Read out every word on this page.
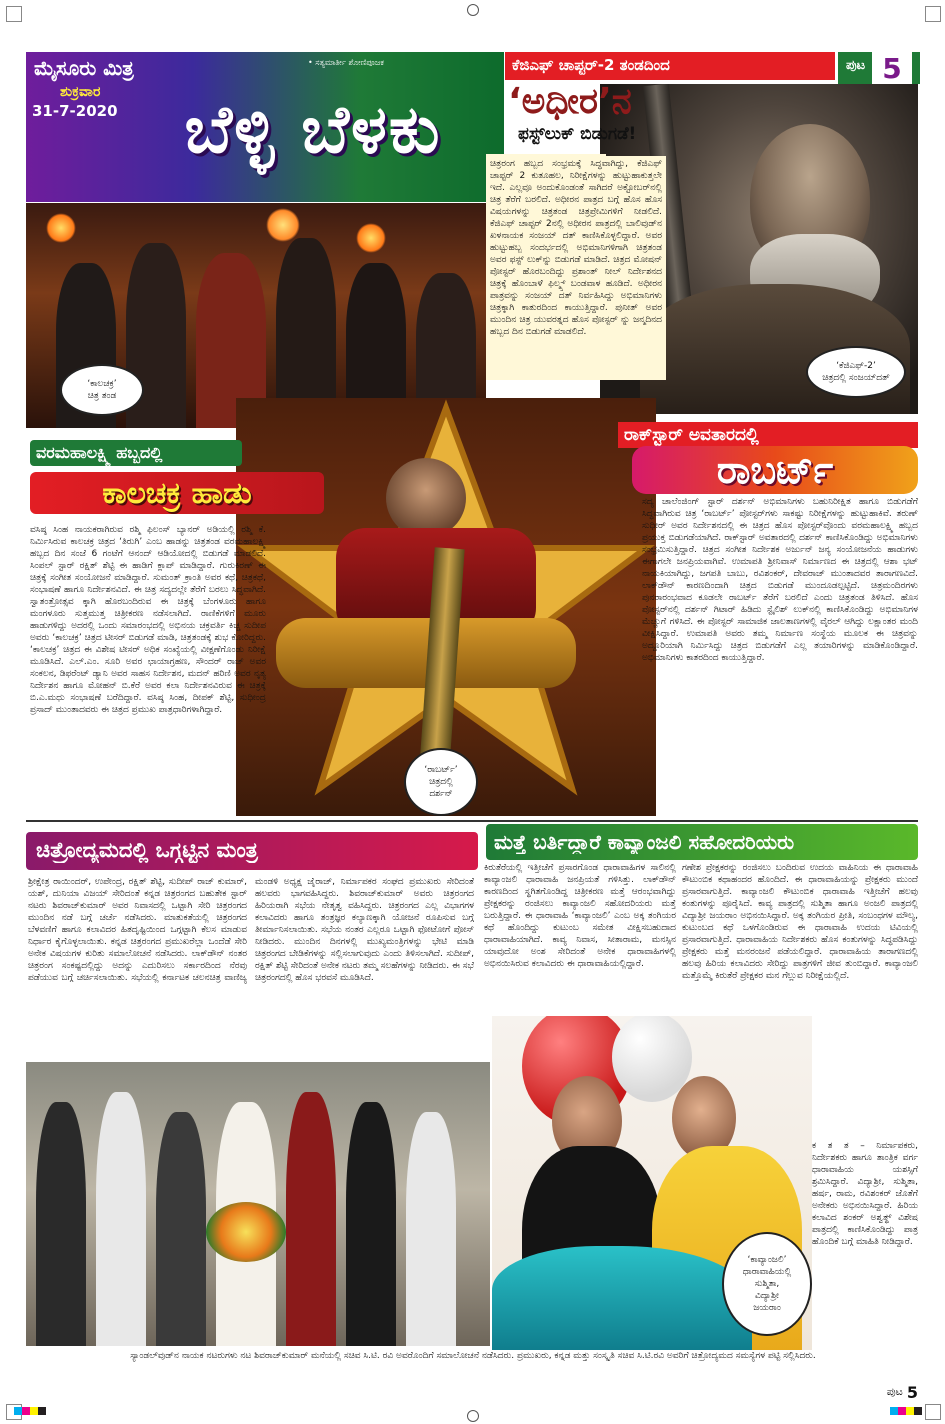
ಮೈಸೂರು ಮಿತ್ರ	• ಸತ್ಯಮಾರ್ತೀ ಶೋಣಿಪೂಜಕ
ಶುಕ್ರವಾರ
31-7-2020	ಬೆಳ್ಳಿ ಬೆಳಕು
ಪುಟ 5
ಕೆಜಿಎಫ್ ಚಾಪ್ಟರ್-2 ತಂಡದಿಂದ
‘ಅಧೀರ’ನ
ಫಸ್ಟ್‌ಲುಕ್ ಬಿಡುಗಡೆ!
ಚಿತ್ರರಂಗ ಹಬ್ಬದ ಸಂಭ್ರಮಕ್ಕೆ ಸಿದ್ಧವಾಗಿದ್ದು, ಕೆಜಿಎಫ್ ಚಾಪ್ಟರ್ 2 ಕುತೂಹಲ, ನಿರೀಕ್ಷೆಗಳನ್ನು ಹುಟ್ಟುಹಾಕುತ್ತಲೇ ಇದೆ. ಎಲ್ಲವೂ ಅಂದುಕೊಂಡಂತೆ ಸಾಗಿದರೆ ಅಕ್ಟೋಬರ್‌ನಲ್ಲಿ ಚಿತ್ರ ತೆರೆಗೆ ಬರಲಿದೆ. ಅಧೀರನ ಪಾತ್ರದ ಬಗ್ಗೆ ಹೊಸ ಹೊಸ ವಿಷಯಗಳನ್ನು ಚಿತ್ರತಂಡ ಚಿತ್ರಪ್ರೇಮಿಗಳಿಗೆ ನೀಡಲಿದೆ. ಕೆಜಿಎಫ್ ಚಾಪ್ಟರ್ 2ನಲ್ಲಿ ಅಧೀರನ ಪಾತ್ರದಲ್ಲಿ ಬಾಲಿವುಡ್‌ನ ಖಳನಾಯಕ ಸಂಜಯ್ ದತ್ ಕಾಣಿಸಿಕೊಳ್ಳಲಿದ್ದಾರೆ. ಅವರ ಹುಟ್ಟುಹಬ್ಬ ಸಂದರ್ಭದಲ್ಲಿ ಅಭಿಮಾನಿಗಳಿಗಾಗಿ ಚಿತ್ರತಂಡ ಅವರ ಫಸ್ಟ್ ಲುಕ್‌ನ್ನು ಬಿಡುಗಡೆ ಮಾಡಿದೆ. ಚಿತ್ರದ ಮೋಷನ್ ಪೋಸ್ಟರ್ ಹೊರಬಂದಿದ್ದು ಪ್ರಶಾಂತ್ ನೀಲ್ ನಿರ್ದೇಶನದ ಚಿತ್ರಕ್ಕೆ ಹೊಂಬಾಳೆ ಫಿಲ್ಮ್ಸ್ ಬಂಡವಾಳ ಹೂಡಿದೆ. ಅಧೀರನ ಪಾತ್ರವನ್ನು ಸಂಜಯ್ ದತ್ ನಿರ್ವಹಿಸಿದ್ದು ಅಭಿಮಾನಿಗಳು ಚಿತ್ರಕ್ಕಾಗಿ ಕಾತುರದಿಂದ ಕಾಯುತ್ತಿದ್ದಾರೆ. ಪುನೀತ್ ಅವರ ಮುಂದಿನ ಚಿತ್ರ ಯುವರತ್ನದ ಹೊಸ ಪೋಸ್ಟರ್ ನ್ನು ಜನ್ಮದಿನದ ಹಬ್ಬದ ದಿನ ಬಿಡುಗಡೆ ಮಾಡಲಿದೆ.
‘ಕಾಲಚಕ್ರ’
ಚಿತ್ರ ತಂಡ
‘ಕೆಜಿಎಫ್-2’
ಚಿತ್ರದಲ್ಲಿ ಸಂಜಯ್‌ದತ್
ರಾಕ್‌ಸ್ಟಾರ್ ಅವತಾರದಲ್ಲಿ
ರಾಬರ್ಟ್
ಸದ್ಯ ಚಾಲೆಂಜಿಂಗ್ ಸ್ಟಾರ್ ದರ್ಶನ್ ಅಭಿಮಾನಿಗಳು ಬಹುನಿರೀಕ್ಷಿತ ಹಾಗೂ ಬಿಡುಗಡೆಗೆ ಸಿದ್ಧವಾಗಿರುವ ಚಿತ್ರ ‘ರಾಬರ್ಟ್’ ಪೋಸ್ಟರ್‌ಗಳು ಸಾಕಷ್ಟು ನಿರೀಕ್ಷೆಗಳನ್ನು ಹುಟ್ಟುಹಾಕಿವೆ. ತರುಣ್ ಸುಧೀರ್ ಅವರ ನಿರ್ದೇಶನದಲ್ಲಿ ಈ ಚಿತ್ರದ ಹೊಸ ಪೋಸ್ಟರ್‌ವೊಂದು ವರಮಹಾಲಕ್ಷ್ಮಿ ಹಬ್ಬದ ಪ್ರಯುಕ್ತ ಬಿಡುಗಡೆಯಾಗಿದೆ. ರಾಕ್‌ಸ್ಟಾರ್ ಅವತಾರದಲ್ಲಿ ದರ್ಶನ್ ಕಾಣಿಸಿಕೊಂಡಿದ್ದು ಅಭಿಮಾನಿಗಳು ಸಂಭ್ರಮಿಸುತ್ತಿದ್ದಾರೆ. ಚಿತ್ರದ ಸಂಗೀತ ನಿರ್ದೇಶಕ ಅರ್ಜುನ್ ಜನ್ಯ ಸಂಯೋಜನೆಯ ಹಾಡುಗಳು ಈಗಾಗಲೇ ಜನಪ್ರಿಯವಾಗಿವೆ. ಉಮಾಪತಿ ಶ್ರೀನಿವಾಸ್ ನಿರ್ಮಾಣದ ಈ ಚಿತ್ರದಲ್ಲಿ ಆಶಾ ಭಟ್ ನಾಯಕಿಯಾಗಿದ್ದು, ಜಗಪತಿ ಬಾಬು, ರವಿಶಂಕರ್, ದೇವರಾಜ್ ಮುಂತಾದವರ ತಾರಾಗಣವಿದೆ. ಲಾಕ್‌ಡೌನ್ ಕಾರಣದಿಂದಾಗಿ ಚಿತ್ರದ ಬಿಡುಗಡೆ ಮುಂದೂಡಲ್ಪಟ್ಟಿದೆ. ಚಿತ್ರಮಂದಿರಗಳು ಪುನರಾರಂಭವಾದ ಕೂಡಲೇ ರಾಬರ್ಟ್ ತೆರೆಗೆ ಬರಲಿದೆ ಎಂದು ಚಿತ್ರತಂಡ ತಿಳಿಸಿದೆ. ಹೊಸ ಪೋಸ್ಟರ್‌ನಲ್ಲಿ ದರ್ಶನ್ ಗಿಟಾರ್ ಹಿಡಿದು ಸ್ಟೈಲಿಶ್ ಲುಕ್‌ನಲ್ಲಿ ಕಾಣಿಸಿಕೊಂಡಿದ್ದು ಅಭಿಮಾನಿಗಳ ಮೆಚ್ಚುಗೆ ಗಳಿಸಿದೆ. ಈ ಪೋಸ್ಟರ್ ಸಾಮಾಜಿಕ ಜಾಲತಾಣಗಳಲ್ಲಿ ವೈರಲ್ ಆಗಿದ್ದು ಲಕ್ಷಾಂತರ ಮಂದಿ ವೀಕ್ಷಿಸಿದ್ದಾರೆ. ಉಮಾಪತಿ ಅವರು ತಮ್ಮ ನಿರ್ಮಾಣ ಸಂಸ್ಥೆಯ ಮೂಲಕ ಈ ಚಿತ್ರವನ್ನು ಅದ್ದೂರಿಯಾಗಿ ನಿರ್ಮಿಸಿದ್ದು ಚಿತ್ರದ ಬಿಡುಗಡೆಗೆ ಎಲ್ಲ ತಯಾರಿಗಳನ್ನು ಮಾಡಿಕೊಂಡಿದ್ದಾರೆ. ಅಭಿಮಾನಿಗಳು ಕಾತರದಿಂದ ಕಾಯುತ್ತಿದ್ದಾರೆ.
‘ರಾಬರ್ಟ್’
ಚಿತ್ರದಲ್ಲಿ
ದರ್ಶನ್
ವರಮಹಾಲಕ್ಷ್ಮಿ ಹಬ್ಬದಲ್ಲಿ
ಕಾಲಚಕ್ರ ಹಾಡು
ವಸಿಷ್ಠ ಸಿಂಹ ನಾಯಕರಾಗಿರುವ ರಶ್ಮಿ ಫಿಲಂಸ್ ಬ್ಯಾನರ್ ಅಡಿಯಲ್ಲಿ ರಶ್ಮಿ ಕೆ. ನಿರ್ಮಿಸಿರುವ ಕಾಲಚಕ್ರ ಚಿತ್ರದ ‘ತಿರುಗಿ’ ಎಂಬ ಹಾಡನ್ನು ಚಿತ್ರತಂಡ ವರಮಹಾಲಕ್ಷ್ಮಿ ಹಬ್ಬದ ದಿನ ಸಂಜೆ 6 ಗಂಟೆಗೆ ಆನಂದ್ ಆಡಿಯೋದಲ್ಲಿ ಬಿಡುಗಡೆ ಮಾಡಲಿದೆ. ಸಿಂಪಲ್ ಸ್ಟಾರ್ ರಕ್ಷಿತ್ ಶೆಟ್ಟಿ ಈ ಹಾಡಿಗೆ ಕ್ಲಾಪ್ ಮಾಡಿದ್ದಾರೆ. ಗುರುಕಿರಣ್ ಈ ಚಿತ್ರಕ್ಕೆ ಸಂಗೀತ ಸಂಯೋಜನೆ ಮಾಡಿದ್ದಾರೆ. ಸುಮಂತ್ ಕ್ರಾಂತಿ ಅವರ ಕಥೆ, ಚಿತ್ರಕಥೆ, ಸಂಭಾಷಣೆ ಹಾಗೂ ನಿರ್ದೇಶನವಿದೆ. ಈ ಚಿತ್ರ ಸದ್ಯದಲ್ಲೇ ತೆರೆಗೆ ಬರಲು ಸಿದ್ಧವಾಗಿದೆ. ಸ್ವಾತಂತ್ರೋತ್ಸವ ಕ್ಕಾಗಿ ಹೊರಬಂದಿರುವ ಈ ಚಿತ್ರಕ್ಕೆ ಬೆಂಗಳೂರು ಹಾಗೂ ಮಂಗಳೂರು ಸುತ್ತಮುತ್ತ ಚಿತ್ರೀಕರಣ ನಡೆಸಲಾಗಿದೆ. ರಾಣಿಕೆಗಳಿಗೆ ಮೂರು ಹಾಡುಗಳಿದ್ದು ಅದರಲ್ಲಿ ಒಂದು ಸಮಾರಂಭದಲ್ಲಿ ಅಭಿನಯ ಚಕ್ರವರ್ತಿ ಕಿಚ್ಚ ಸುದೀಪ ಅವರು ‘ಕಾಲಚಕ್ರ’ ಚಿತ್ರದ ಟೀಸರ್ ಬಿಡುಗಡೆ ಮಾಡಿ, ಚಿತ್ರತಂಡಕ್ಕೆ ಶುಭ ಕೋರಿದ್ದರು. ‘ಕಾಲಚಕ್ರ’ ಚಿತ್ರದ ಈ ವಿಶೇಷ ಟೀಸರ್ ಅಧಿಕ ಸಂಖ್ಯೆಯಲ್ಲಿ ವೀಕ್ಷಣೆಗೊಂಡು ನಿರೀಕ್ಷೆ ಮೂಡಿಸಿದೆ. ಎಲ್.ಎಂ. ಸೂರಿ ಅವರ ಛಾಯಾಗ್ರಹಣ, ಸೌಂದರ್ ರಾಜ್ ಅವರ ಸಂಕಲನ, ಡಿಫರೆಂಟ್ ಡ್ಯಾನಿ ಅವರ ಸಾಹಸ ನಿರ್ದೇಶನ, ಮದನ್ ಹರಿಣಿ ಅವರ ನೃತ್ಯ ನಿರ್ದೇಶನ ಹಾಗೂ ಮೋಹನ್ ಬಿ.ಕೆರೆ ಅವರ ಕಲಾ ನಿರ್ದೇಶನವಿರುವ ಈ ಚಿತ್ರಕ್ಕೆ ಬಿ.ಎ.ಮಧು ಸಂಭಾಷಣೆ ಬರೆದಿದ್ದಾರೆ. ವಸಿಷ್ಠ ಸಿಂಹ, ದೀಪಕ್ ಶೆಟ್ಟಿ, ಸುಧೀಂದ್ರ ಪ್ರಸಾದ್ ಮುಂತಾದವರು ಈ ಚಿತ್ರದ ಪ್ರಮುಖ ಪಾತ್ರಧಾರಿಗಳಾಗಿದ್ದಾರೆ.
ಚಿತ್ರೋದ್ಯಮದಲ್ಲಿ ಒಗ್ಗಟ್ಟಿನ ಮಂತ್ರ
ಶ್ರೀಕ್ಷೇತ್ರ ರಾಯಿಂದರ್, ಉಪೇಂದ್ರ, ರಕ್ಷಿತ್ ಶೆಟ್ಟಿ, ಸುದೀಪ್ ರಾಜ್ ಕುಮಾರ್, ಯಶ್, ದುನಿಯಾ ವಿಜಯ್ ಸೇರಿದಂತೆ ಕನ್ನಡ ಚಿತ್ರರಂಗದ ಬಹುತೇಕ ಸ್ಟಾರ್ ನಟರು ಶಿವರಾಜ್‌ಕುಮಾರ್ ಅವರ ನಿವಾಸದಲ್ಲಿ ಒಟ್ಟಾಗಿ ಸೇರಿ ಚಿತ್ರರಂಗದ ಮುಂದಿನ ನಡೆ ಬಗ್ಗೆ ಚರ್ಚೆ ನಡೆಸಿದರು. ಮಾತುಕತೆಯಲ್ಲಿ ಚಿತ್ರರಂಗದ ಬೆಳವಣಿಗೆ ಹಾಗೂ ಕಲಾವಿದರ ಹಿತದೃಷ್ಟಿಯಿಂದ ಒಗ್ಗಟ್ಟಾಗಿ ಕೆಲಸ ಮಾಡುವ ನಿರ್ಧಾರ ಕೈಗೊಳ್ಳಲಾಯಿತು. ಕನ್ನಡ ಚಿತ್ರರಂಗದ ಪ್ರಮುಖರೆಲ್ಲಾ ಒಂದೆಡೆ ಸೇರಿ ಅನೇಕ ವಿಷಯಗಳ ಕುರಿತು ಸಮಾಲೋಚನೆ ನಡೆಸಿದರು. ಲಾಕ್‌ಡೌನ್ ನಂತರ ಚಿತ್ರರಂಗ ಸಂಕಷ್ಟದಲ್ಲಿದ್ದು ಅದನ್ನು ಎದುರಿಸಲು ಸರ್ಕಾರದಿಂದ ನೆರವು ಪಡೆಯುವ ಬಗ್ಗೆ ಚರ್ಚಿಸಲಾಯಿತು. ಸಭೆಯಲ್ಲಿ ಕರ್ನಾಟಕ ಚಲನಚಿತ್ರ ವಾಣಿಜ್ಯ ಮಂಡಳಿ ಅಧ್ಯಕ್ಷ ಜೈರಾಜ್, ನಿರ್ಮಾಪಕರ ಸಂಘದ ಪ್ರಮುಖರು ಸೇರಿದಂತೆ ಹಲವರು ಭಾಗವಹಿಸಿದ್ದರು. ಶಿವರಾಜ್‌ಕುಮಾರ್ ಅವರು ಚಿತ್ರರಂಗದ ಹಿರಿಯರಾಗಿ ಸಭೆಯ ನೇತೃತ್ವ ವಹಿಸಿದ್ದರು. ಚಿತ್ರರಂಗದ ಎಲ್ಲ ವಿಭಾಗಗಳ ಕಲಾವಿದರು ಹಾಗೂ ತಂತ್ರಜ್ಞರ ಕಲ್ಯಾಣಕ್ಕಾಗಿ ಯೋಜನೆ ರೂಪಿಸುವ ಬಗ್ಗೆ ತೀರ್ಮಾನಿಸಲಾಯಿತು. ಸಭೆಯ ನಂತರ ಎಲ್ಲರೂ ಒಟ್ಟಾಗಿ ಫೋಟೋಗೆ ಪೋಸ್ ನೀಡಿದರು. ಮುಂದಿನ ದಿನಗಳಲ್ಲಿ ಮುಖ್ಯಮಂತ್ರಿಗಳನ್ನು ಭೇಟಿ ಮಾಡಿ ಚಿತ್ರರಂಗದ ಬೇಡಿಕೆಗಳನ್ನು ಸಲ್ಲಿಸಲಾಗುವುದು ಎಂದು ತಿಳಿಸಲಾಗಿದೆ. ಸುದೀಪ್, ರಕ್ಷಿತ್ ಶೆಟ್ಟಿ ಸೇರಿದಂತೆ ಅನೇಕ ನಟರು ತಮ್ಮ ಸಲಹೆಗಳನ್ನು ನೀಡಿದರು. ಈ ಸಭೆ ಚಿತ್ರರಂಗದಲ್ಲಿ ಹೊಸ ಭರವಸೆ ಮೂಡಿಸಿದೆ.
ಸ್ಯಾಂಡಲ್‌ವುಡ್‌ನ ನಾಯಕ ನಟರುಗಳು ನಟ ಶಿವರಾಜ್‌ಕುಮಾರ್ ಮನೆಯಲ್ಲಿ ಸಚಿವ ಸಿ.ಟಿ. ರವಿ ಅವರೊಂದಿಗೆ ಸಮಾಲೋಚನೆ ನಡೆಸಿದರು. ಪ್ರಮುಖರು, ಕನ್ನಡ ಮತ್ತು ಸಂಸ್ಕೃತಿ ಸಚಿವ ಸಿ.ಟಿ.ರವಿ ಅವರಿಗೆ ಚಿತ್ರೋದ್ಯಮದ ಸಮಸ್ಯೆಗಳ ಪಟ್ಟಿ ಸಲ್ಲಿಸಿದರು.
ಮತ್ತೆ ಬರ್ತಿದ್ದಾರೆ ಕಾವ್ಯಾಂಜಲಿ ಸಹೋದರಿಯರು
ಕಿರುತೆರೆಯಲ್ಲಿ ಇತ್ತೀಚೆಗೆ ಪ್ರಸಾರಗೊಂಡ ಧಾರಾವಾಹಿಗಳ ಸಾಲಿನಲ್ಲಿ ಕಾವ್ಯಾಂಜಲಿ ಧಾರಾವಾಹಿ ಜನಪ್ರಿಯತೆ ಗಳಿಸಿತ್ತು. ಲಾಕ್‌ಡೌನ್ ಕಾರಣದಿಂದ ಸ್ಥಗಿತಗೊಂಡಿದ್ದ ಚಿತ್ರೀಕರಣ ಮತ್ತೆ ಆರಂಭವಾಗಿದ್ದು ಪ್ರೇಕ್ಷಕರನ್ನು ರಂಜಿಸಲು ಕಾವ್ಯಾಂಜಲಿ ಸಹೋದರಿಯರು ಮತ್ತೆ ಬರುತ್ತಿದ್ದಾರೆ. ಈ ಧಾರಾವಾಹಿ ‘ಕಾವ್ಯಾಂಜಲಿ’ ಎಂಬ ಅಕ್ಕ ತಂಗಿಯರ ಕಥೆ ಹೊಂದಿದ್ದು ಕುಟುಂಬ ಸಮೇತ ವೀಕ್ಷಿಸಬಹುದಾದ ಧಾರಾವಾಹಿಯಾಗಿದೆ. ಕಾವ್ಯ ನಿವಾಸ, ಸೀತಾರಾಮ, ಮನಸ್ಸಿನ ಯಾವುದೋ ಅಂಶ ಸೇರಿದಂತೆ ಅನೇಕ ಧಾರಾವಾಹಿಗಳಲ್ಲಿ ಅಭಿನಯಿಸಿರುವ ಕಲಾವಿದರು ಈ ಧಾರಾವಾಹಿಯಲ್ಲಿದ್ದಾರೆ.
ಗಣೇಶ ಪ್ರೇಕ್ಷಕರನ್ನು ರಂಜಿಸಲು ಬಂದಿರುವ ಉದಯ ವಾಹಿನಿಯ ಈ ಧಾರಾವಾಹಿ ಕೌಟುಂಬಿಕ ಕಥಾಹಂದರ ಹೊಂದಿದೆ. ಈ ಧಾರಾವಾಹಿಯನ್ನು ಪ್ರೇಕ್ಷಕರು ಮುಂದೆ ಪ್ರಸಾರವಾಗುತ್ತಿದೆ. ಕಾವ್ಯಾಂಜಲಿ ಕೌಟುಂಬಿಕ ಧಾರಾವಾಹಿ ಇತ್ತೀಚೆಗೆ ಹಲವು ಕಂತುಗಳನ್ನು ಪೂರೈಸಿದೆ. ಕಾವ್ಯ ಪಾತ್ರದಲ್ಲಿ ಸುಶ್ಮಿತಾ ಹಾಗೂ ಅಂಜಲಿ ಪಾತ್ರದಲ್ಲಿ ವಿದ್ಯಾಶ್ರೀ ಜಯರಾಂ ಅಭಿನಯಿಸಿದ್ದಾರೆ. ಅಕ್ಕ ತಂಗಿಯರ ಪ್ರೀತಿ, ಸಂಬಂಧಗಳ ಮೌಲ್ಯ, ಕುಟುಂಬದ ಕಥೆ ಒಳಗೊಂಡಿರುವ ಈ ಧಾರಾವಾಹಿ ಉದಯ ಟಿವಿಯಲ್ಲಿ ಪ್ರಸಾರವಾಗುತ್ತಿದೆ. ಧಾರಾವಾಹಿಯ ನಿರ್ದೇಶಕರು ಹೊಸ ಕಂತುಗಳನ್ನು ಸಿದ್ಧಪಡಿಸಿದ್ದು ಪ್ರೇಕ್ಷಕರು ಮತ್ತೆ ಮನರಂಜನೆ ಪಡೆಯಲಿದ್ದಾರೆ. ಧಾರಾವಾಹಿಯ ತಾರಾಗಣದಲ್ಲಿ ಹಲವು ಹಿರಿಯ ಕಲಾವಿದರು ಸೇರಿದ್ದು ಪಾತ್ರಗಳಿಗೆ ಜೀವ ತುಂಬಿದ್ದಾರೆ. ಕಾವ್ಯಾಂಜಲಿ ಮತ್ತೊಮ್ಮೆ ಕಿರುತೆರೆ ಪ್ರೇಕ್ಷಕರ ಮನ ಗೆಲ್ಲುವ ನಿರೀಕ್ಷೆಯಲ್ಲಿದೆ.
ಕ ತ ತ – ನಿರ್ಮಾಪಕರು, ನಿರ್ದೇಶಕರು ಹಾಗೂ ತಾಂತ್ರಿಕ ವರ್ಗ ಧಾರಾವಾಹಿಯ ಯಶಸ್ಸಿಗೆ ಶ್ರಮಿಸಿದ್ದಾರೆ. ವಿದ್ಯಾಶ್ರೀ, ಸುಶ್ಮಿತಾ, ಹರ್ಷ, ರಾಮ, ರವಿಶಂಕರ್ ಜೊತೆಗೆ ಅನೇಕರು ಅಭಿನಯಿಸಿದ್ದಾರೆ. ಹಿರಿಯ ಕಲಾವಿದ ಶಂಕರ್ ಅಶ್ವತ್ಥ್ ವಿಶೇಷ ಪಾತ್ರದಲ್ಲಿ ಕಾಣಿಸಿಕೊಂಡಿದ್ದು ಪಾತ್ರ ಹೊಂದಿಕೆ ಬಗ್ಗೆ ಮಾಹಿತಿ ನೀಡಿದ್ದಾರೆ.
‘ಕಾವ್ಯಾಂಜಲಿ’
ಧಾರಾವಾಹಿಯಲ್ಲಿ
ಸುಶ್ಮಿತಾ,
ವಿದ್ಯಾಶ್ರೀ
ಜಯರಾಂ
ಪುಟ 5
